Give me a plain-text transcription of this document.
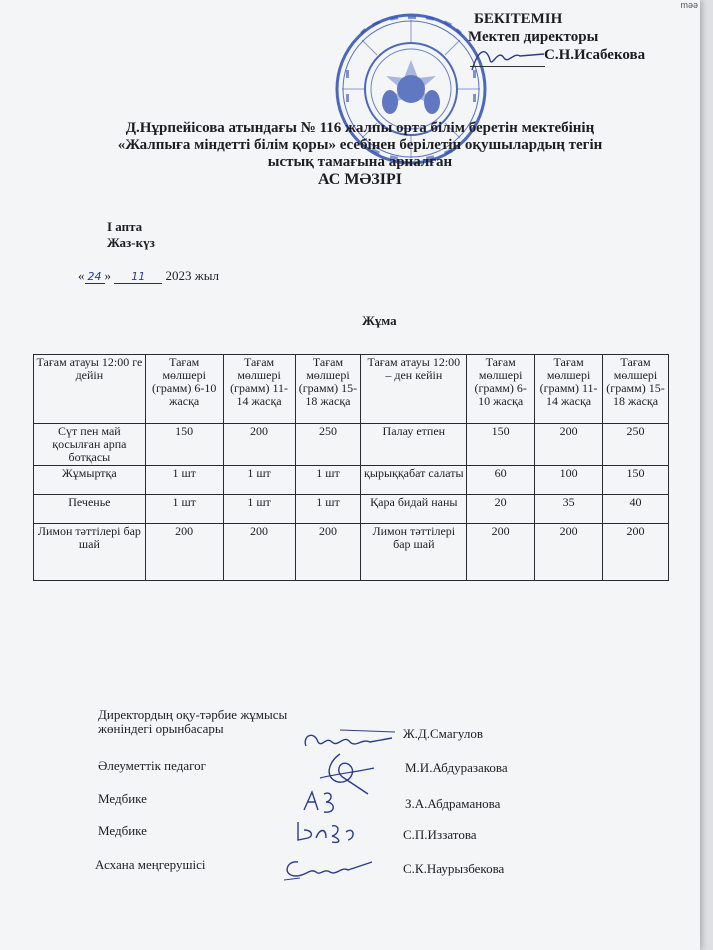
məə
БЕКІТЕМІН
Мектеп директоры
С.Н.Исабекова
Д.Нұрпейісова атындағы № 116 жалпы орта білім беретін мектебінің
«Жалпыға міндетті білім қоры» есебінен берілетін оқушылардың тегін
ыстық тамағына арналған
АС МӘЗІРІ
I апта
Жаз-күз
« 24 » 11 2023 жыл
Жұма
Тағам атауы 12:00 ге дейін	Тағам мөлшері (грамм) 6-10 жасқа	Тағам мөлшері (грамм) 11-14 жасқа	Тағам мөлшері (грамм) 15-18 жасқа	Тағам атауы 12:00 – ден кейін	Тағам мөлшері (грамм) 6-10 жасқа	Тағам мөлшері (грамм) 11-14 жасқа	Тағам мөлшері (грамм) 15-18 жасқа
Сүт пен май қосылған арпа ботқасы	150	200	250	Палау етпен	150	200	250
Жұмыртқа	1 шт	1 шт	1 шт	қырыққабат салаты	60	100	150
Печенье	1 шт	1 шт	1 шт	Қара бидай наны	20	35	40
Лимон тәттілері бар шай	200	200	200	Лимон тәттілері бар шай	200	200	200
Директордың оқу-тәрбие жұмысы
жөніндегі орынбасары	Ж.Д.Смагулов
Әлеуметтік педагог	М.И.Абдуразакова
Медбике	З.А.Абдраманова
Медбике	С.П.Иззатова
Асхана меңгерушісі	С.К.Наурызбекова
